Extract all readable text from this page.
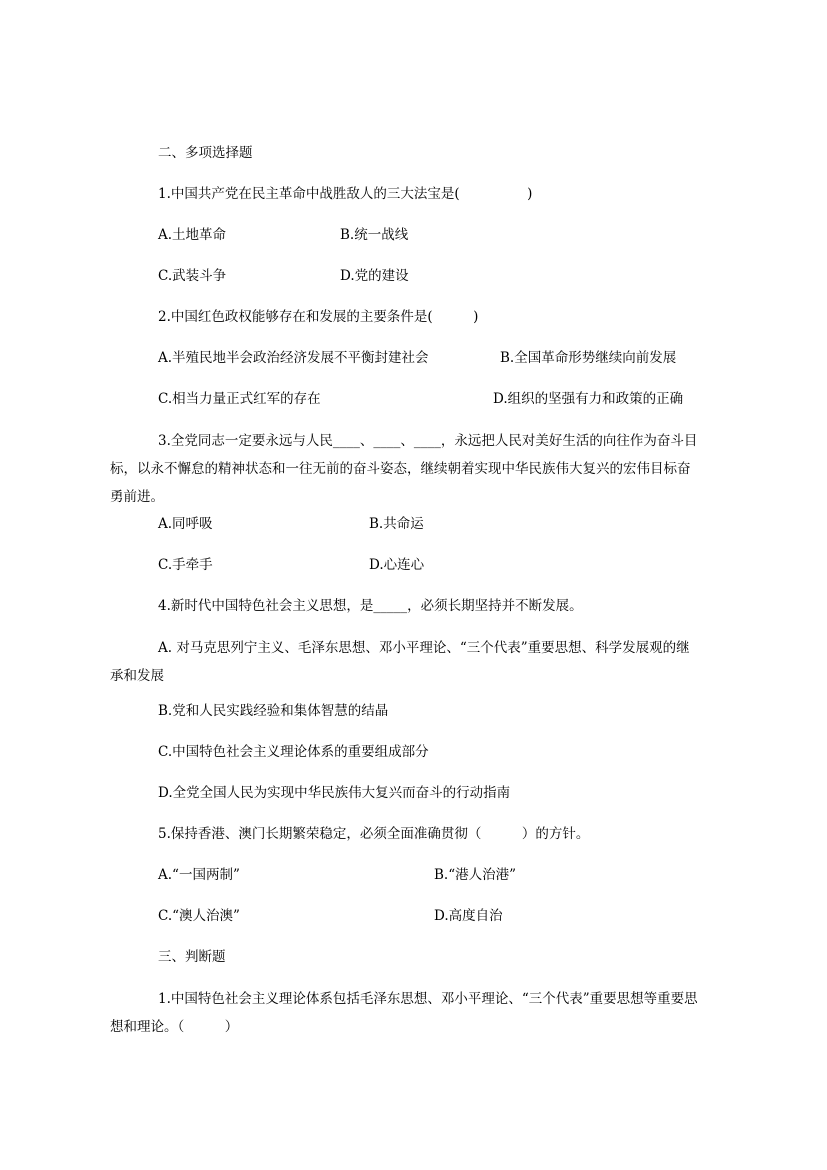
二、多项选择题
1.中国共产党在民主革命中战胜敌人的三大法宝是(　　　　　)
A.土地革命	B.统一战线
C.武装斗争	D.党的建设
2.中国红色政权能够存在和发展的主要条件是(　　　)
A.半殖民地半会政治经济发展不平衡封建社会	B.全国革命形势继续向前发展
C.相当力量正式红军的存在	D.组织的坚强有力和政策的正确
3.全党同志一定要永远与人民____、____、____，永远把人民对美好生活的向往作为奋斗目标，以永不懈怠的精神状态和一往无前的奋斗姿态，继续朝着实现中华民族伟大复兴的宏伟目标奋勇前进。
A.同呼吸	B.共命运
C.手牵手	D.心连心
4.新时代中国特色社会主义思想，是_____，必须长期坚持并不断发展。
A. 对马克思列宁主义、毛泽东思想、邓小平理论、“三个代表”重要思想、科学发展观的继承和发展
B.党和人民实践经验和集体智慧的结晶
C.中国特色社会主义理论体系的重要组成部分
D.全党全国人民为实现中华民族伟大复兴而奋斗的行动指南
5.保持香港、澳门长期繁荣稳定，必须全面准确贯彻（　　　）的方针。
A.“一国两制”	B.“港人治港”
C.“澳人治澳”	D.高度自治
三、判断题
1.中国特色社会主义理论体系包括毛泽东思想、邓小平理论、“三个代表”重要思想等重要思想和理论。（　　　）
